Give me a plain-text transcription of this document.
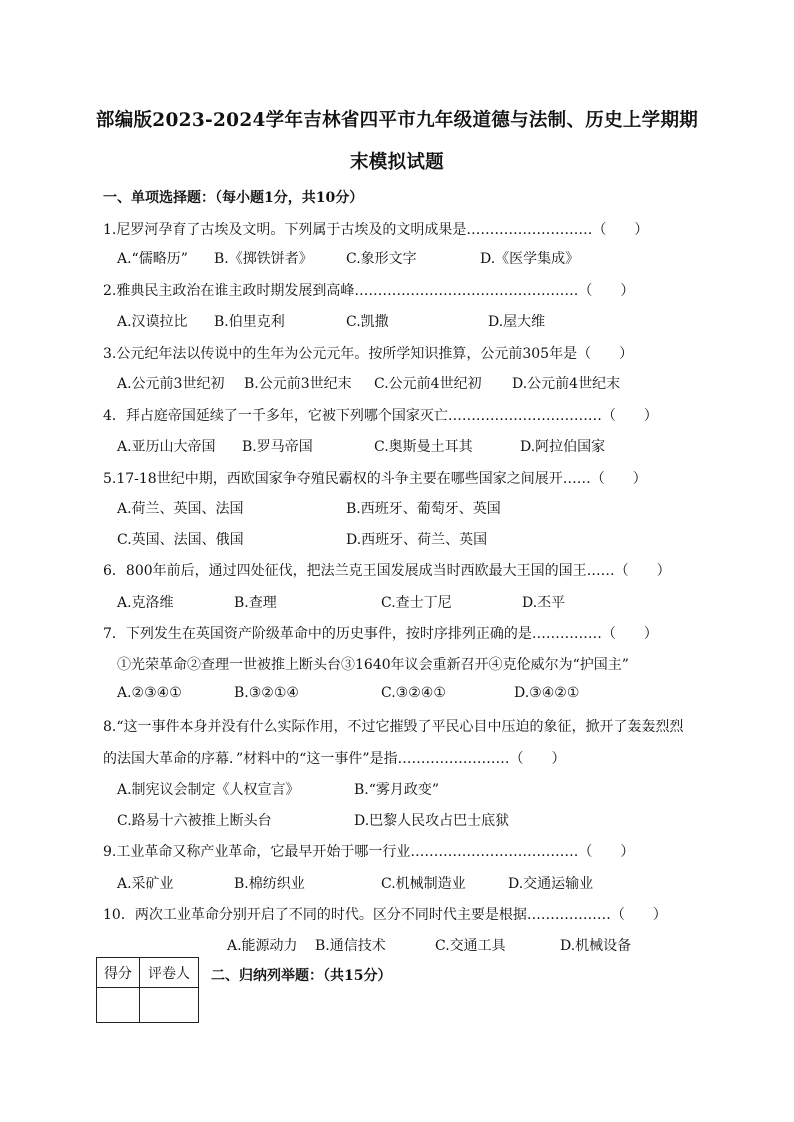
部编版2023-2024学年吉林省四平市九年级道德与法制、历史上学期期
末模拟试题
一、单项选择题：（每小题1分，共10分）
1.尼罗河孕育了古埃及文明。下列属于古埃及的文明成果是………………………（　　）
A.“儒略历” B.《掷铁饼者》 C.象形文字	D.《医学集成》
2.雅典民主政治在谁主政时期发展到高峰…………………………………………（　　）
A.汉谟拉比 B.伯里克利	C.凯撒	D.屋大维
3.公元纪年法以传说中的生年为公元元年。按所学知识推算，公元前305年是（　　）
A.公元前3世纪初 B.公元前3世纪末 C.公元前4世纪初 D.公元前4世纪末
4．拜占庭帝国延续了一千多年，它被下列哪个国家灭亡……………………………（　　）
A.亚历山大帝国 B.罗马帝国	C.奥斯曼土耳其	D.阿拉伯国家
5.17-18世纪中期，西欧国家争夺殖民霸权的斗争主要在哪些国家之间展开……（　　）
A.荷兰、英国、法国	B.西班牙、葡萄牙、英国
C.英国、法国、俄国	D.西班牙、荷兰、英国
6．800年前后，通过四处征伐，把法兰克王国发展成当时西欧最大王国的国王……（　　）
A.克洛维	B.查理	C.查士丁尼	D.丕平
7．下列发生在英国资产阶级革命中的历史事件，按时序排列正确的是……………（　　）
①光荣革命②查理一世被推上断头台③1640年议会重新召开④克伦威尔为“护国主”
A.②③④①	B.③②①④	C.③②④①	D.③④②①
8.“这一事件本身并没有什么实际作用，不过它摧毁了平民心目中压迫的象征，掀开了轰轰烈烈
的法国大革命的序幕．”材料中的“这一事件”是指……………………（　　）
A.制宪议会制定《人权宣言》	B.“雾月政变”
C.路易十六被推上断头台	D.巴黎人民攻占巴士底狱
9.工业革命又称产业革命，它最早开始于哪一行业………………………………（　　）
A.采矿业	B.棉纺织业	C.机械制造业	D.交通运输业
10．两次工业革命分别开启了不同的时代。区分不同时代主要是根据………………（　　）
A.能源动力 B.通信技术	C.交通工具	D.机械设备
得分	评卷人
	二、归纳列举题：（共15分）
